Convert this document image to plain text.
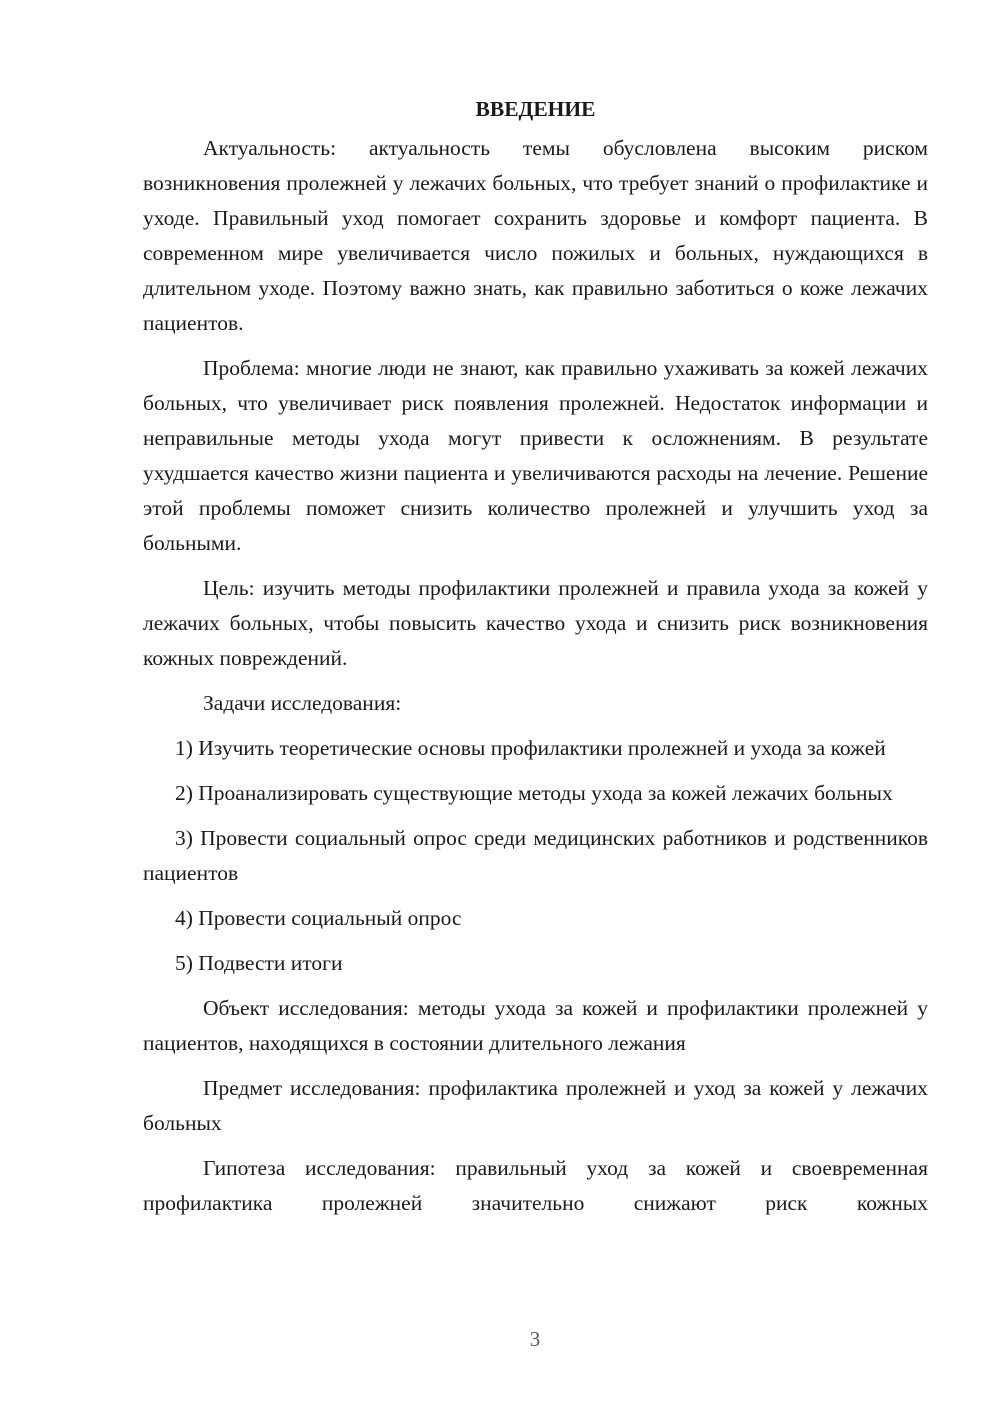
ВВЕДЕНИЕ

Актуальность: актуальность темы обусловлена высоким риском возникновения пролежней у лежачих больных, что требует знаний о профилактике и уходе. Правильный уход помогает сохранить здоровье и комфорт пациента. В современном мире увеличивается число пожилых и больных, нуждающихся в длительном уходе. Поэтому важно знать, как правильно заботиться о коже лежачих пациентов.

Проблема: многие люди не знают, как правильно ухаживать за кожей лежачих больных, что увеличивает риск появления пролежней. Недостаток информации и неправильные методы ухода могут привести к осложнениям. В результате ухудшается качество жизни пациента и увеличиваются расходы на лечение. Решение этой проблемы поможет снизить количество пролежней и улучшить уход за больными.

Цель: изучить методы профилактики пролежней и правила ухода за кожей у лежачих больных, чтобы повысить качество ухода и снизить риск возникновения кожных повреждений.

Задачи исследования:

1) Изучить теоретические основы профилактики пролежней и ухода за кожей

2) Проанализировать существующие методы ухода за кожей лежачих больных

3) Провести социальный опрос среди медицинских работников и родственников пациентов

4) Провести социальный опрос

5) Подвести итоги

Объект исследования: методы ухода за кожей и профилактики пролежней у пациентов, находящихся в состоянии длительного лежания

Предмет исследования: профилактика пролежней и уход за кожей у лежачих больных

Гипотеза исследования: правильный уход за кожей и своевременная профилактика пролежней значительно снижают риск кожных

3
